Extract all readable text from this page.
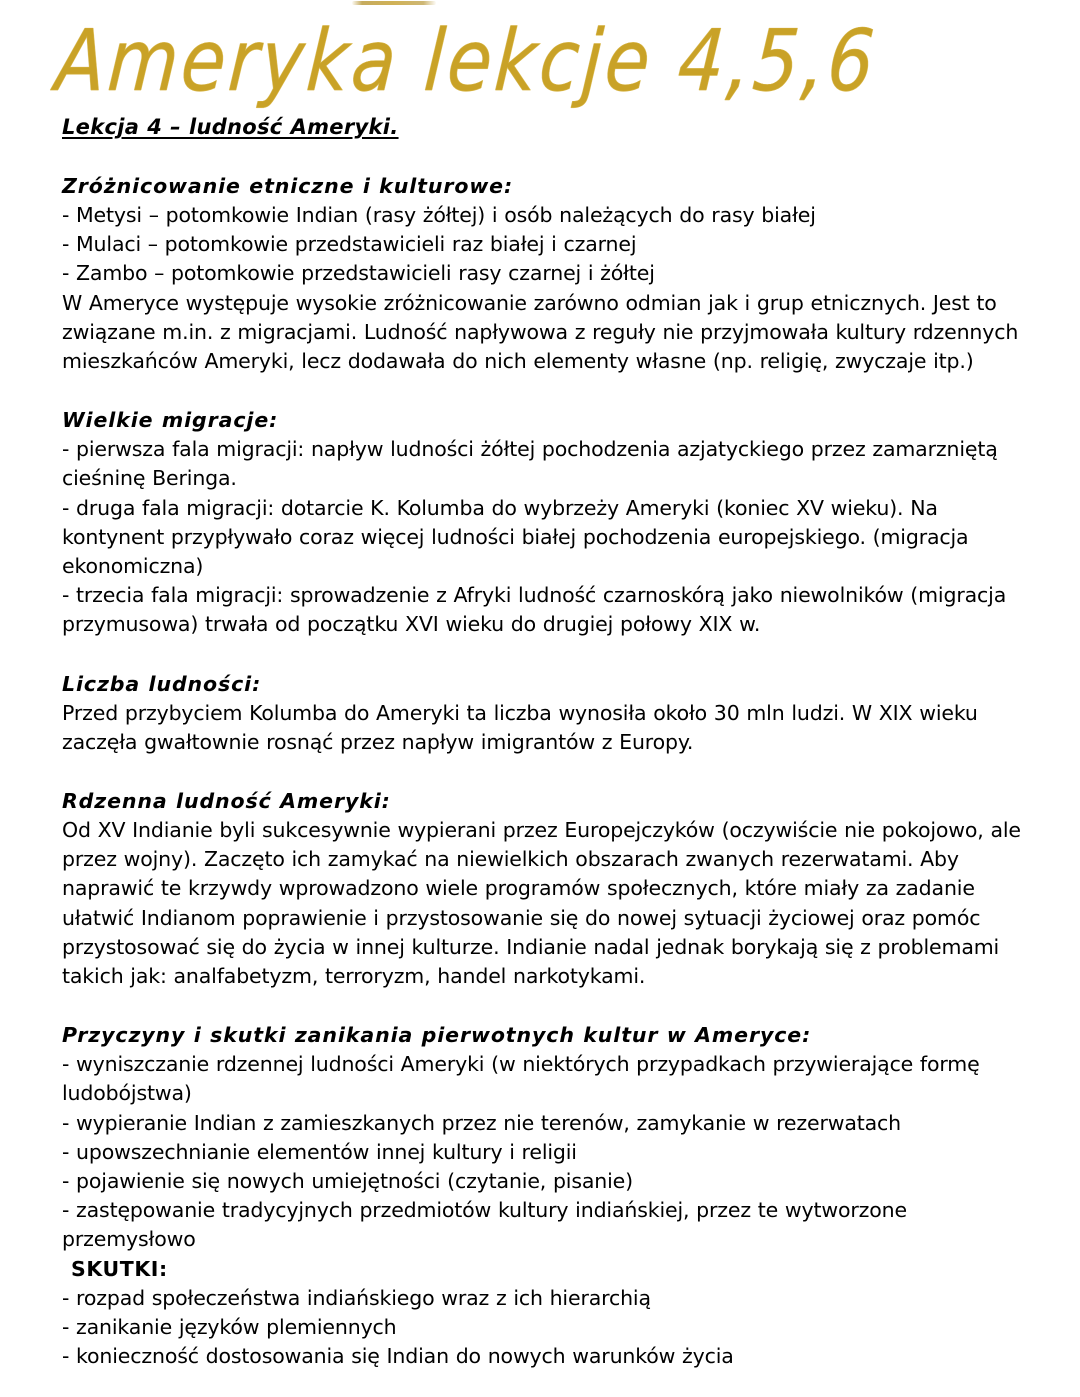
Ameryka lekcje 4,5,6
Lekcja 4 – ludność Ameryki.
Zróżnicowanie etniczne i kulturowe:
- Metysi – potomkowie Indian (rasy żółtej) i osób należących do rasy białej
- Mulaci – potomkowie przedstawicieli raz białej i czarnej
- Zambo – potomkowie przedstawicieli rasy czarnej i żółtej
W Ameryce występuje wysokie zróżnicowanie zarówno odmian jak i grup etnicznych. Jest to związane m.in. z migracjami. Ludność napływowa z reguły nie przyjmowała kultury rdzennych mieszkańców Ameryki, lecz dodawała do nich elementy własne (np. religię, zwyczaje itp.)
Wielkie migracje:
- pierwsza fala migracji: napływ ludności żółtej pochodzenia azjatyckiego przez zamarzniętą cieśninę Beringa.
- druga fala migracji: dotarcie K. Kolumba do wybrzeży Ameryki (koniec XV wieku). Na kontynent przypływało coraz więcej ludności białej pochodzenia europejskiego. (migracja ekonomiczna)
- trzecia fala migracji: sprowadzenie z Afryki ludność czarnoskórą jako niewolników (migracja przymusowa) trwała od początku XVI wieku do drugiej połowy XIX w.
Liczba ludności:
Przed przybyciem Kolumba do Ameryki ta liczba wynosiła około 30 mln ludzi. W XIX wieku zaczęła gwałtownie rosnąć przez napływ imigrantów z Europy.
Rdzenna ludność Ameryki:
Od XV Indianie byli sukcesywnie wypierani przez Europejczyków (oczywiście nie pokojowo, ale przez wojny). Zaczęto ich zamykać na niewielkich obszarach zwanych rezerwatami. Aby naprawić te krzywdy wprowadzono wiele programów społecznych, które miały za zadanie ułatwić Indianom poprawienie i przystosowanie się do nowej sytuacji życiowej oraz pomóc przystosować się do życia w innej kulturze. Indianie nadal jednak borykają się z problemami takich jak: analfabetyzm, terroryzm, handel narkotykami.
Przyczyny i skutki zanikania pierwotnych kultur w Ameryce:
- wyniszczanie rdzennej ludności Ameryki (w niektórych przypadkach przywierające formę ludobójstwa)
- wypieranie Indian z zamieszkanych przez nie terenów, zamykanie w rezerwatach
- upowszechnianie elementów innej kultury i religii
- pojawienie się nowych umiejętności (czytanie, pisanie)
- zastępowanie tradycyjnych przedmiotów kultury indiańskiej, przez te wytworzone przemysłowo
SKUTKI:
- rozpad społeczeństwa indiańskiego wraz z ich hierarchią
- zanikanie języków plemiennych
- konieczność dostosowania się Indian do nowych warunków życia
